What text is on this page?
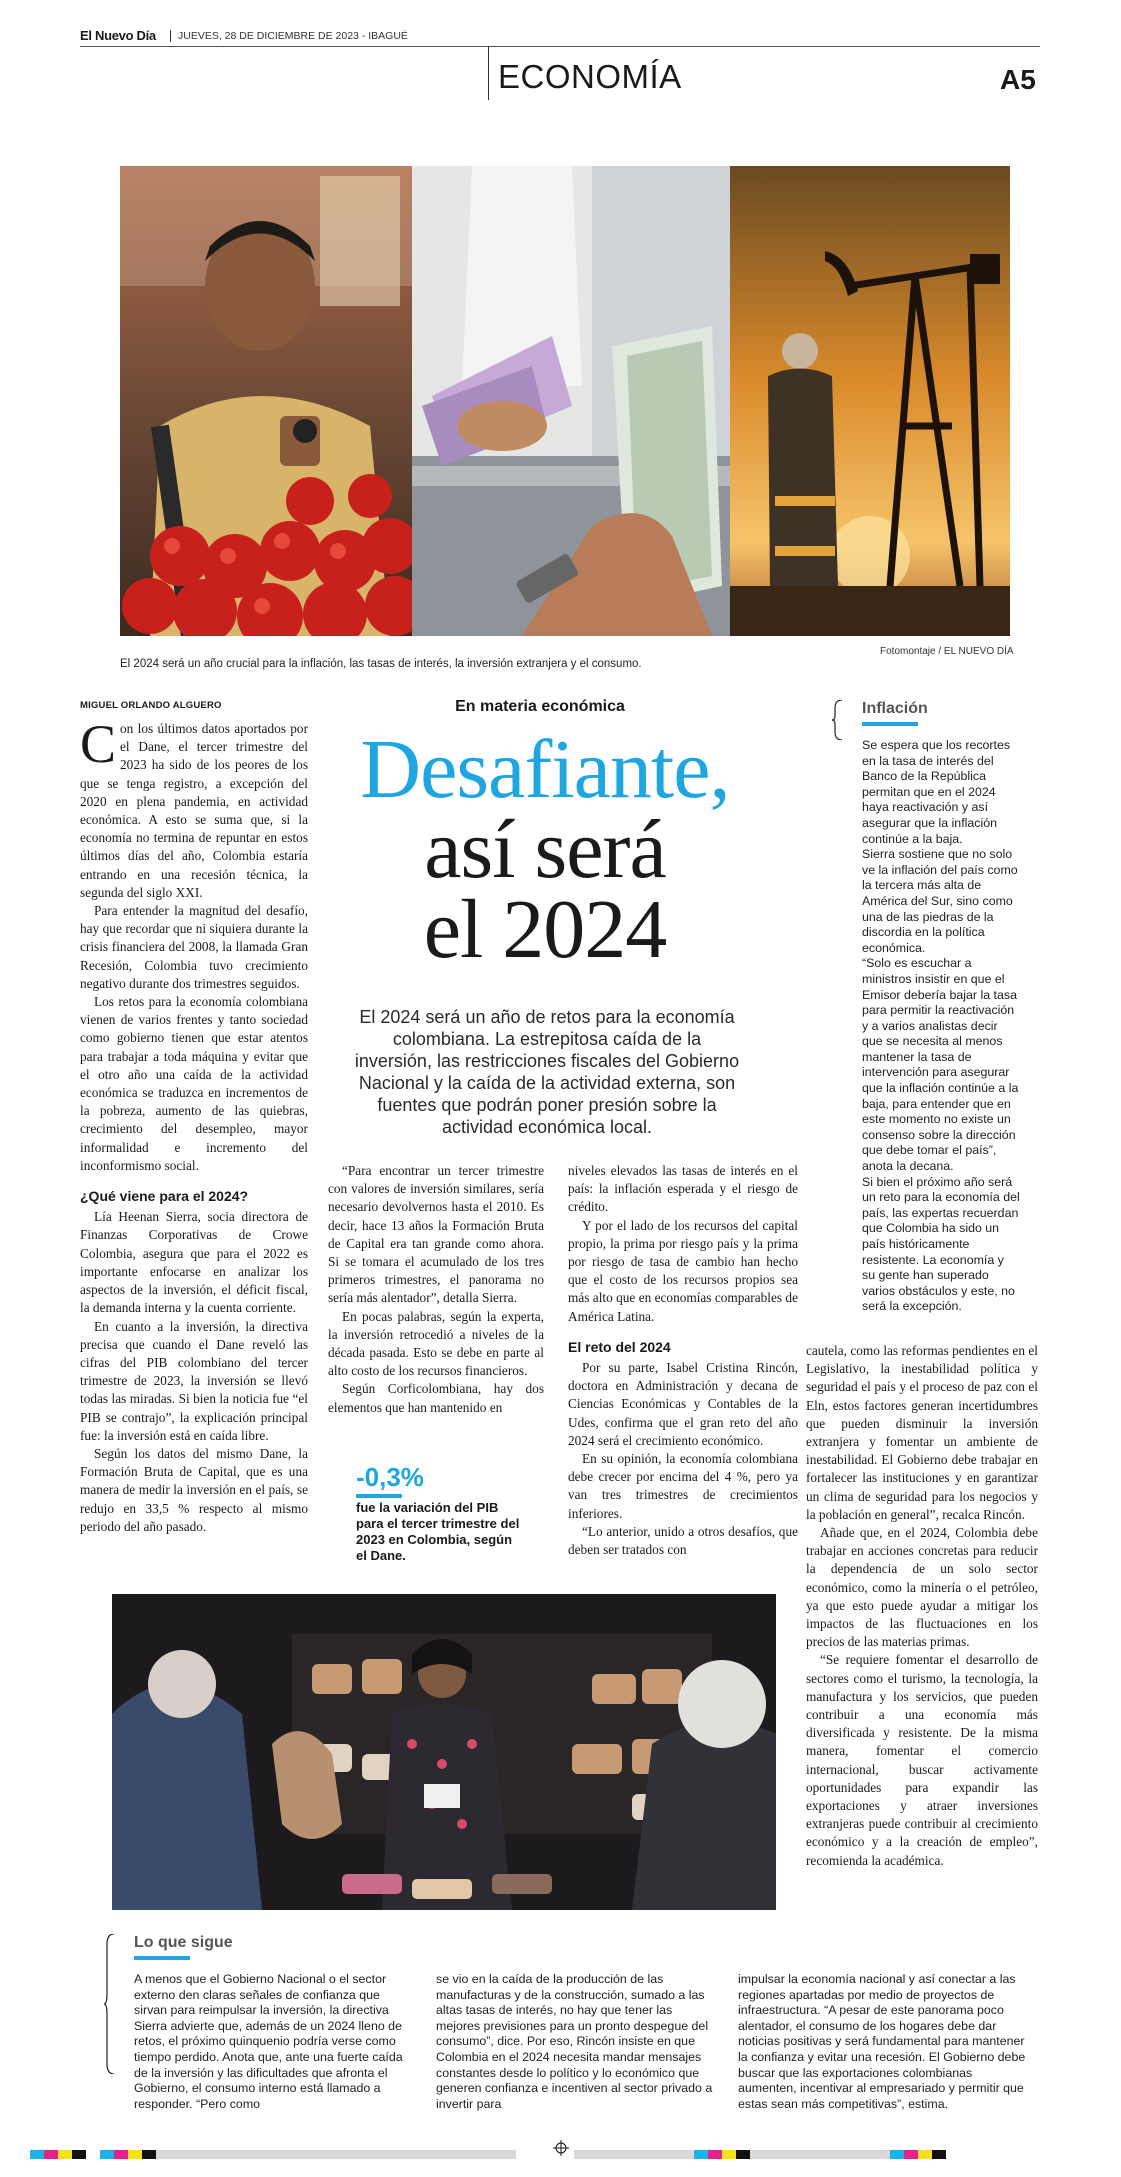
El Nuevo Día JUEVES, 28 DE DICIEMBRE DE 2023 - IBAGUÉ
ECONOMÍA	A5
El 2024 será un año crucial para la inflación, las tasas de interés, la inversión extranjera y el consumo.
Fotomontaje / EL NUEVO DÍA
MIGUEL ORLANDO ALGUERO
C on los últimos datos aportados por el Dane, el tercer trimestre del 2023 ha sido de los peores de los que se tenga registro, a excepción del 2020 en plena pandemia, en actividad económica. A esto se suma que, si la economía no termina de repuntar en estos últimos días del año, Colombia estaría entrando en una recesión técnica, la segunda del siglo XXI.

Para entender la magnitud del desafío, hay que recordar que ni siquiera durante la crisis financiera del 2008, la llamada Gran Recesión, Colombia tuvo crecimiento negativo durante dos trimestres seguidos.

Los retos para la economía colombiana vienen de varios frentes y tanto sociedad como gobierno tienen que estar atentos para trabajar a toda máquina y evitar que el otro año una caída de la actividad económica se traduzca en incrementos de la pobreza, aumento de las quiebras, crecimiento del desempleo, mayor informalidad e incremento del inconformismo social.

¿Qué viene para el 2024?

Lía Heenan Sierra, socia directora de Finanzas Corporativas de Crowe Colombia, asegura que para el 2022 es importante enfocarse en analizar los aspectos de la inversión, el déficit fiscal, la demanda interna y la cuenta corriente.

En cuanto a la inversión, la directiva precisa que cuando el Dane reveló las cifras del PIB colombiano del tercer trimestre de 2023, la inversión se llevó todas las miradas. Si bien la noticia fue “el PIB se contrajo”, la explicación principal fue: la inversión está en caída libre.

Según los datos del mismo Dane, la Formación Bruta de Capital, que es una manera de medir la inversión en el país, se redujo en 33,5 % respecto al mismo periodo del año pasado.

En materia económica
Desafiante,
así será
el 2024
El 2024 será un año de retos para la economía colombiana. La estrepitosa caída de la inversión, las restricciones fiscales del Gobierno Nacional y la caída de la actividad externa, son fuentes que podrán poner presión sobre la actividad económica local.

“Para encontrar un tercer trimestre con valores de inversión similares, sería necesario devolvernos hasta el 2010. Es decir, hace 13 años la Formación Bruta de Capital era tan grande como ahora. Si se tomara el acumulado de los tres primeros trimestres, el panorama no sería más alentador”, detalla Sierra.

En pocas palabras, según la experta, la inversión retrocedió a niveles de la década pasada. Esto se debe en parte al alto costo de los recursos financieros.

Según Corficolombiana, hay dos elementos que han mantenido en

-0,3%
fue la variación del PIB para el tercer trimestre del 2023 en Colombia, según el Dane.

niveles elevados las tasas de interés en el país: la inflación esperada y el riesgo de crédito.

Y por el lado de los recursos del capital propio, la prima por riesgo país y la prima por riesgo de tasa de cambio han hecho que el costo de los recursos propios sea más alto que en economías comparables de América Latina.

El reto del 2024

Por su parte, Isabel Cristina Rincón, doctora en Administración y decana de Ciencias Económicas y Contables de la Udes, confirma que el gran reto del año 2024 será el crecimiento económico.

En su opinión, la economía colombiana debe crecer por encima del 4 %, pero ya van tres trimestres de crecimientos inferiores.

“Lo anterior, unido a otros desafíos, que deben ser tratados con

Inflación

Se espera que los recortes en la tasa de interés del Banco de la República permitan que en el 2024 haya reactivación y así asegurar que la inflación continúe a la baja.

Sierra sostiene que no solo ve la inflación del país como la tercera más alta de América del Sur, sino como una de las piedras de la discordia en la política económica.

“Solo es escuchar a ministros insistir en que el Emisor debería bajar la tasa para permitir la reactivación y a varios analistas decir que se necesita al menos mantener la tasa de intervención para asegurar que la inflación continúe a la baja, para entender que en este momento no existe un consenso sobre la dirección que debe tomar el país”, anota la decana.

Si bien el próximo año será un reto para la economía del país, las expertas recuerdan que Colombia ha sido un país históricamente resistente. La economía y su gente han superado varios obstáculos y este, no será la excepción.

cautela, como las reformas pendientes en el Legislativo, la inestabilidad política y seguridad el país y el proceso de paz con el Eln, estos factores generan incertidumbres que pueden disminuir la inversión extranjera y fomentar un ambiente de inestabilidad. El Gobierno debe trabajar en fortalecer las instituciones y en garantizar un clima de seguridad para los negocios y la población en general”, recalca Rincón.

Añade que, en el 2024, Colombia debe trabajar en acciones concretas para reducir la dependencia de un solo sector económico, como la minería o el petróleo, ya que esto puede ayudar a mitigar los impactos de las fluctuaciones en los precios de las materias primas.

“Se requiere fomentar el desarrollo de sectores como el turismo, la tecnología, la manufactura y los servicios, que pueden contribuir a una economía más diversificada y resistente. De la misma manera, fomentar el comercio internacional, buscar activamente oportunidades para expandir las exportaciones y atraer inversiones extranjeras puede contribuir al crecimiento económico y a la creación de empleo”, recomienda la académica.

Lo que sigue
A menos que el Gobierno Nacional o el sector externo den claras señales de confianza que sirvan para reimpulsar la inversión, la directiva Sierra advierte que, además de un 2024 lleno de retos, el próximo quinquenio podría verse como tiempo perdido. Anota que, ante una fuerte caída de la inversión y las dificultades que afronta el Gobierno, el consumo interno está llamado a responder. “Pero como
se vio en la caída de la producción de las manufacturas y de la construcción, sumado a las altas tasas de interés, no hay que tener las mejores previsiones para un pronto despegue del consumo”, dice. Por eso, Rincón insiste en que Colombia en el 2024 necesita mandar mensajes constantes desde lo político y lo económico que generen confianza e incentiven al sector privado a invertir para
impulsar la economía nacional y así conectar a las regiones apartadas por medio de proyectos de infraestructura. “A pesar de este panorama poco alentador, el consumo de los hogares debe dar noticias positivas y será fundamental para mantener la confianza y evitar una recesión. El Gobierno debe buscar que las exportaciones colombianas aumenten, incentivar al empresariado y permitir que estas sean más competitivas”, estima.
